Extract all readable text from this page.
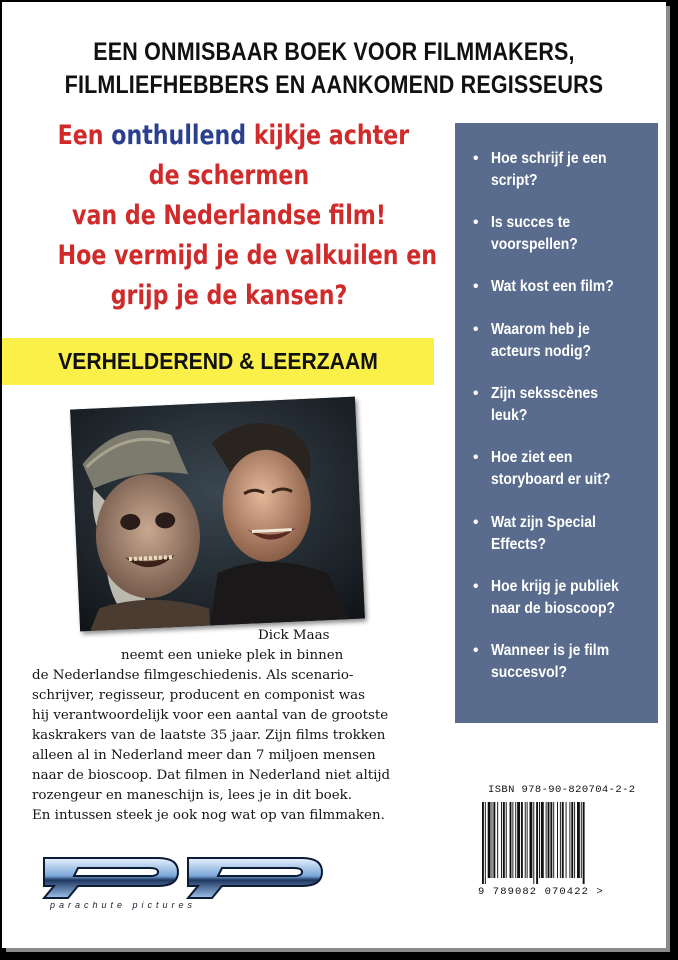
EEN ONMISBAAR BOEK VOOR FILMMAKERS,
FILMLIEFHEBBERS EN AANKOMEND REGISSEURS
Een onthullend kijkje achter
de schermen
van de Nederlandse film!
Hoe vermijd je de valkuilen en
grijp je de kansen?
VERHELDEREND & LEERZAAM
Dick Maas
neemt een unieke plek in binnen
de Nederlandse filmgeschiedenis. Als scenario-
schrijver, regisseur, producent en componist was
hij verantwoordelijk voor een aantal van de grootste
kaskrakers van de laatste 35 jaar. Zijn films trokken
alleen al in Nederland meer dan 7 miljoen mensen
naar de bioscoop. Dat filmen in Nederland niet altijd
rozengeur en maneschijn is, lees je in dit boek.
En intussen steek je ook nog wat op van filmmaken.
• Hoe schrijf je een script?
• Is succes te voorspellen?
• Wat kost een film?
• Waarom heb je acteurs nodig?
• Zijn seksscènes leuk?
• Hoe ziet een storyboard er uit?
• Wat zijn Special Effects?
• Hoe krijg je publiek naar de bioscoop?
• Wanneer is je film succesvol?
ISBN 978-90-820704-2-2
9 789082 070422 >
parachute pictures
